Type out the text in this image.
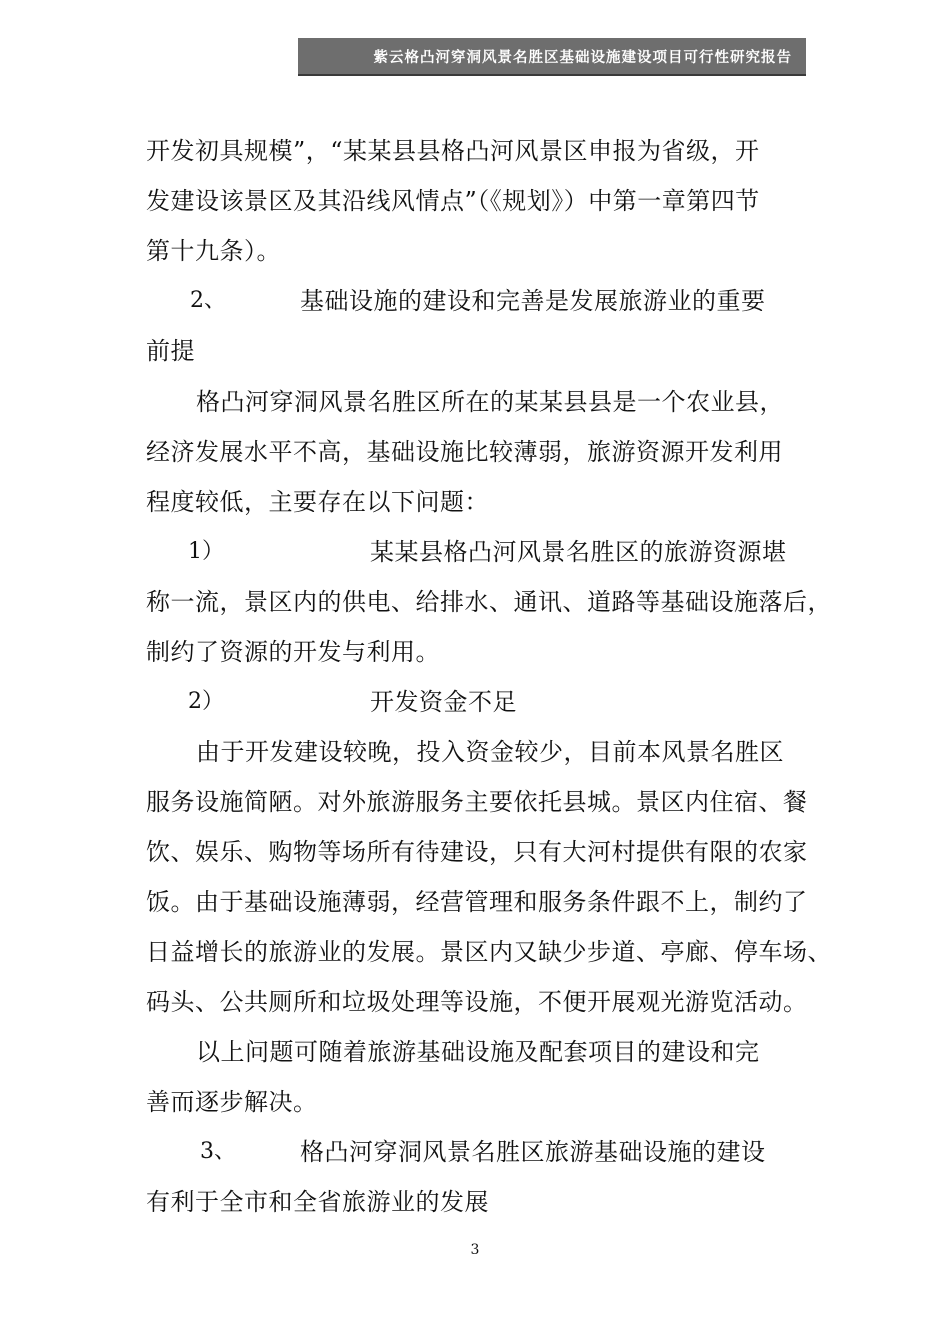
紫云格凸河穿洞风景名胜区基础设施建设项目可行性研究报告
开发初具规模”，“某某县县格凸河风景区申报为省级，开
发建设该景区及其沿线风情点”（《规划》）中第一章第四节
第十九条）。
2、	基础设施的建设和完善是发展旅游业的重要
前提
格凸河穿洞风景名胜区所在的某某县县是一个农业县，
经济发展水平不高，基础设施比较薄弱，旅游资源开发利用
程度较低，主要存在以下问题：
1）	某某县格凸河风景名胜区的旅游资源堪
称一流，景区内的供电、给排水、通讯、道路等基础设施落后，
制约了资源的开发与利用。
2）	开发资金不足
由于开发建设较晚，投入资金较少，目前本风景名胜区
服务设施简陋。对外旅游服务主要依托县城。景区内住宿、餐
饮、娱乐、购物等场所有待建设，只有大河村提供有限的农家
饭。由于基础设施薄弱，经营管理和服务条件跟不上，制约了
日益增长的旅游业的发展。景区内又缺少步道、亭廊、停车场、
码头、公共厕所和垃圾处理等设施，不便开展观光游览活动。
以上问题可随着旅游基础设施及配套项目的建设和完
善而逐步解决。
3、	格凸河穿洞风景名胜区旅游基础设施的建设
有利于全市和全省旅游业的发展
3
